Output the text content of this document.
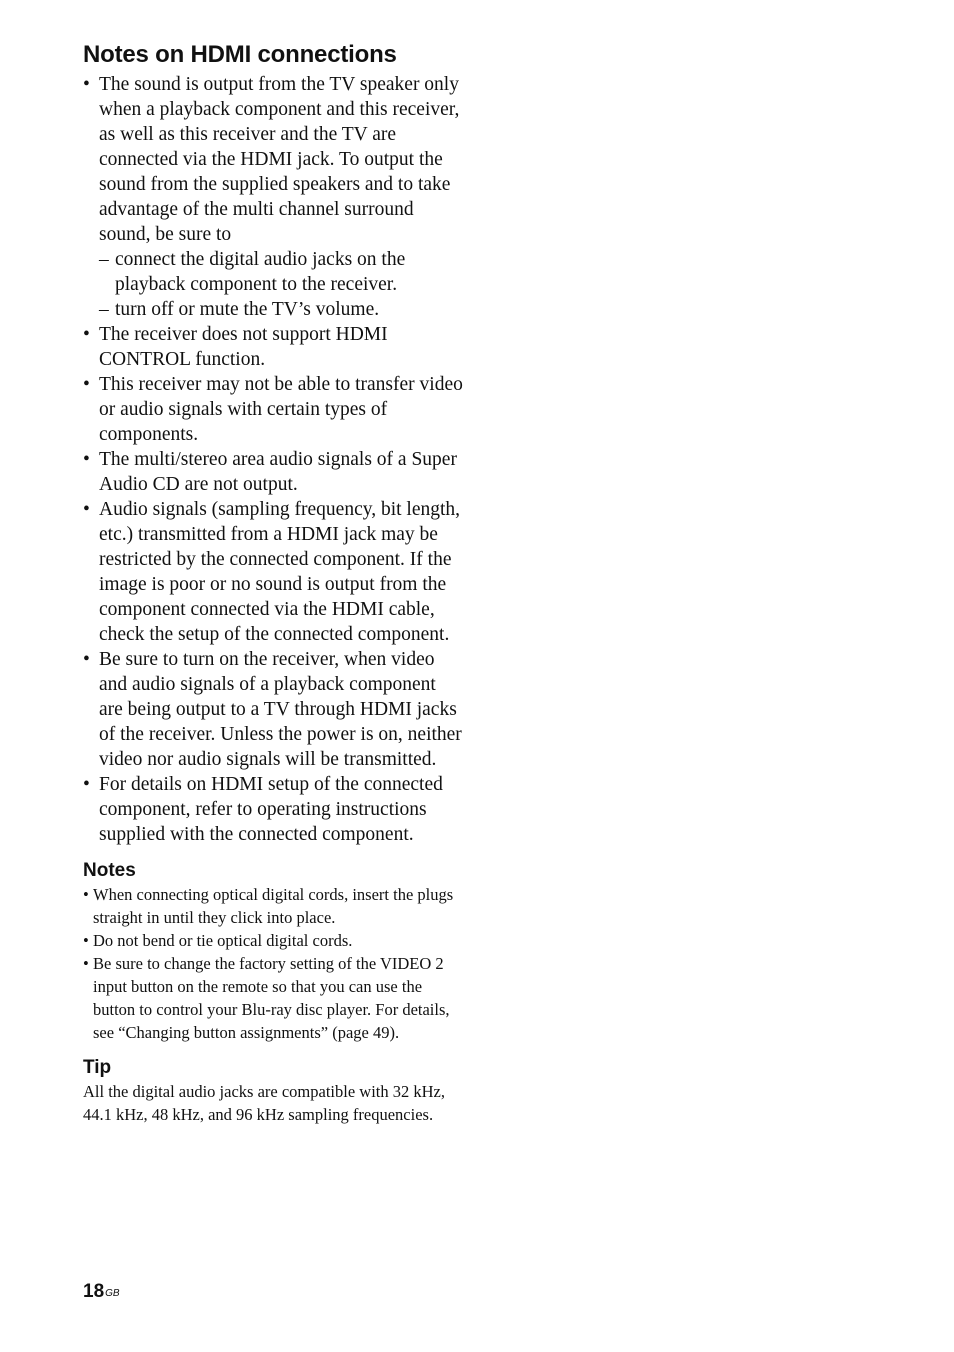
Notes on HDMI connections
• The sound is output from the TV speaker only when a playback component and this receiver, as well as this receiver and the TV are connected via the HDMI jack. To output the sound from the supplied speakers and to take advantage of the multi channel surround sound, be sure to
– connect the digital audio jacks on the playback component to the receiver.
– turn off or mute the TV’s volume.
• The receiver does not support HDMI CONTROL function.
• This receiver may not be able to transfer video or audio signals with certain types of components.
• The multi/stereo area audio signals of a Super Audio CD are not output.
• Audio signals (sampling frequency, bit length, etc.) transmitted from a HDMI jack may be restricted by the connected component. If the image is poor or no sound is output from the component connected via the HDMI cable, check the setup of the connected component.
• Be sure to turn on the receiver, when video and audio signals of a playback component are being output to a TV through HDMI jacks of the receiver. Unless the power is on, neither video nor audio signals will be transmitted.
• For details on HDMI setup of the connected component, refer to operating instructions supplied with the connected component.
Notes
• When connecting optical digital cords, insert the plugs straight in until they click into place.
• Do not bend or tie optical digital cords.
• Be sure to change the factory setting of the VIDEO 2 input button on the remote so that you can use the button to control your Blu-ray disc player. For details, see “Changing button assignments” (page 49).
Tip

All the digital audio jacks are compatible with 32 kHz, 44.1 kHz, 48 kHz, and 96 kHz sampling frequencies.

$18^{GB}$
